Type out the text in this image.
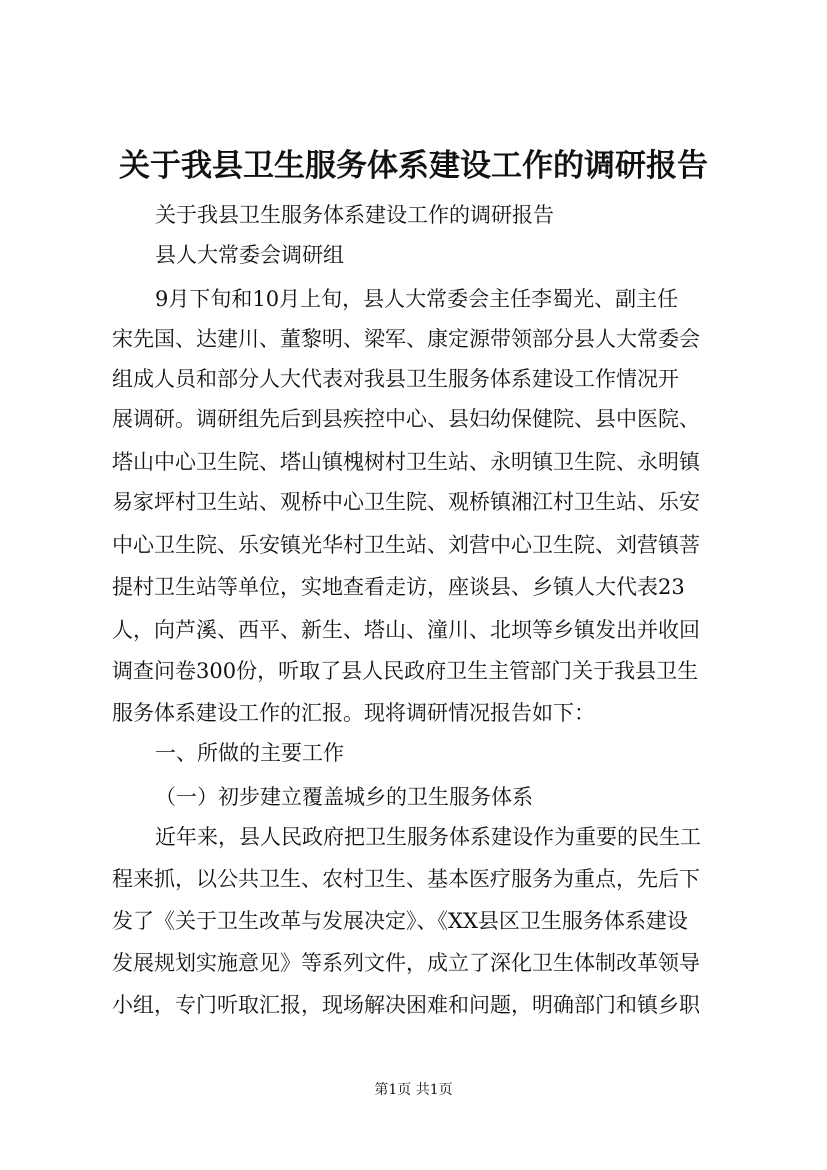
关于我县卫生服务体系建设工作的调研报告
关于我县卫生服务体系建设工作的调研报告
县人大常委会调研组
9月下旬和10月上旬，县人大常委会主任李蜀光、副主任
宋先国、达建川、董黎明、梁军、康定源带领部分县人大常委会
组成人员和部分人大代表对我县卫生服务体系建设工作情况开
展调研。调研组先后到县疾控中心、县妇幼保健院、县中医院、
塔山中心卫生院、塔山镇槐树村卫生站、永明镇卫生院、永明镇
易家坪村卫生站、观桥中心卫生院、观桥镇湘江村卫生站、乐安
中心卫生院、乐安镇光华村卫生站、刘营中心卫生院、刘营镇菩
提村卫生站等单位，实地查看走访，座谈县、乡镇人大代表23
人，向芦溪、西平、新生、塔山、潼川、北坝等乡镇发出并收回
调查问卷300份，听取了县人民政府卫生主管部门关于我县卫生
服务体系建设工作的汇报。现将调研情况报告如下：
一、所做的主要工作
（一）初步建立覆盖城乡的卫生服务体系
近年来，县人民政府把卫生服务体系建设作为重要的民生工
程来抓，以公共卫生、农村卫生、基本医疗服务为重点，先后下
发了《关于卫生改革与发展决定》、《XX县区卫生服务体系建设
发展规划实施意见》等系列文件，成立了深化卫生体制改革领导
小组，专门听取汇报，现场解决困难和问题，明确部门和镇乡职
第1页 共1页
